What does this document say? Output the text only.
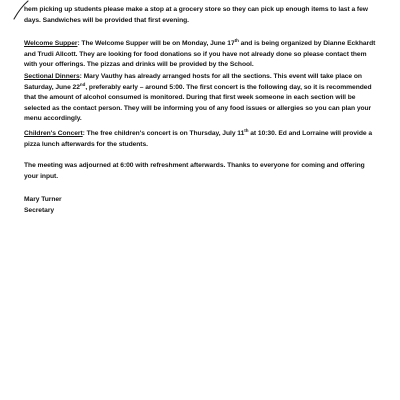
hem picking up students please make a stop at a grocery store so they can pick up enough items to last a few
days. Sandwiches will be provided that first evening.
Welcome Supper: The Welcome Supper will be on Monday, June 17th and is being organized by Dianne Eckhardt and Trudi Allcott. They are looking for food donations so if you have not already done so please contact them with your offerings. The pizzas and drinks will be provided by the School.
Sectional Dinners: Mary Vauthy has already arranged hosts for all the sections. This event will take place on Saturday, June 22nd, preferably early – around 5:00. The first concert is the following day, so it is recommended that the amount of alcohol consumed is monitored. During that first week someone in each section will be selected as the contact person. They will be informing you of any food issues or allergies so you can plan your menu accordingly.
Children's Concert: The free children's concert is on Thursday, July 11th at 10:30. Ed and Lorraine will provide a pizza lunch afterwards for the students.
The meeting was adjourned at 6:00 with refreshment afterwards. Thanks to everyone for coming and offering your input.
Mary Turner
Secretary
